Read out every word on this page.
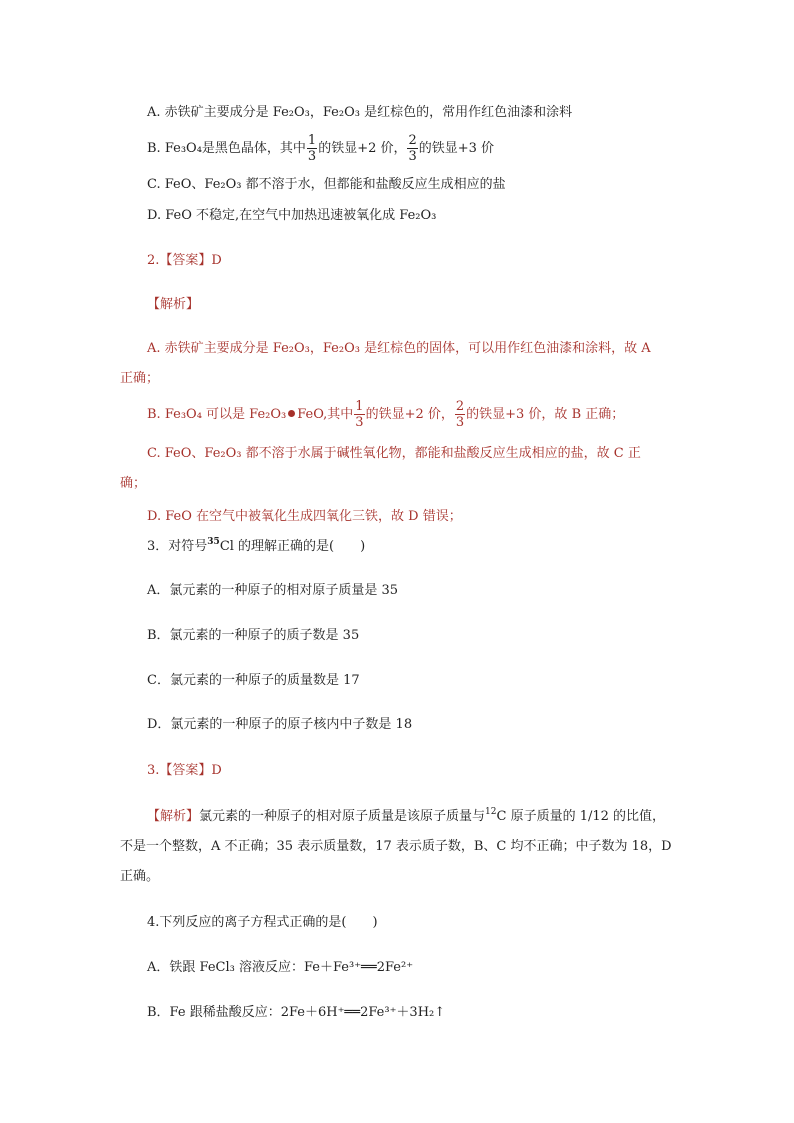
A. 赤铁矿主要成分是 Fe₂O₃，Fe₂O₃ 是红棕色的，常用作红色油漆和涂料
B. Fe₃O₄是黑色晶体，其中 $\frac{1}{3}$ 的铁显+2 价， $\frac{2}{3}$ 的铁显+3 价
C. FeO、Fe₂O₃ 都不溶于水，但都能和盐酸反应生成相应的盐
D. FeO 不稳定,在空气中加热迅速被氧化成 Fe₂O₃
2.【答案】D
【解析】
A. 赤铁矿主要成分是 Fe₂O₃，Fe₂O₃ 是红棕色的固体，可以用作红色油漆和涂料，故 A
正确；
B. Fe₃O₄ 可以是 Fe₂O₃ FeO,其中 $\frac{1}{3}$ 的铁显+2 价， $\frac{2}{3}$ 的铁显+3 价，故 B 正确；
C. FeO、Fe₂O₃ 都不溶于水属于碱性氧化物，都能和盐酸反应生成相应的盐，故 C 正
确；
D. FeO 在空气中被氧化生成四氧化三铁，故 D 错误；
3．对符号$^{35}$Cl 的理解正确的是(　　)
A．氯元素的一种原子的相对原子质量是 35
B．氯元素的一种原子的质子数是 35
C．氯元素的一种原子的质量数是 17
D．氯元素的一种原子的原子核内中子数是 18
3.【答案】D
【解析】氯元素的一种原子的相对原子质量是该原子质量与$^{12}$C 原子质量的 1/12 的比值，
不是一个整数，A 不正确；35 表示质量数，17 表示质子数，B、C 均不正确；中子数为 18，D
正确。
4.下列反应的离子方程式正确的是(　　)
A．铁跟 FeCl₃ 溶液反应：Fe＋Fe³⁺══2Fe²⁺
B．Fe 跟稀盐酸反应：2Fe＋6H⁺══2Fe³⁺＋3H₂↑
